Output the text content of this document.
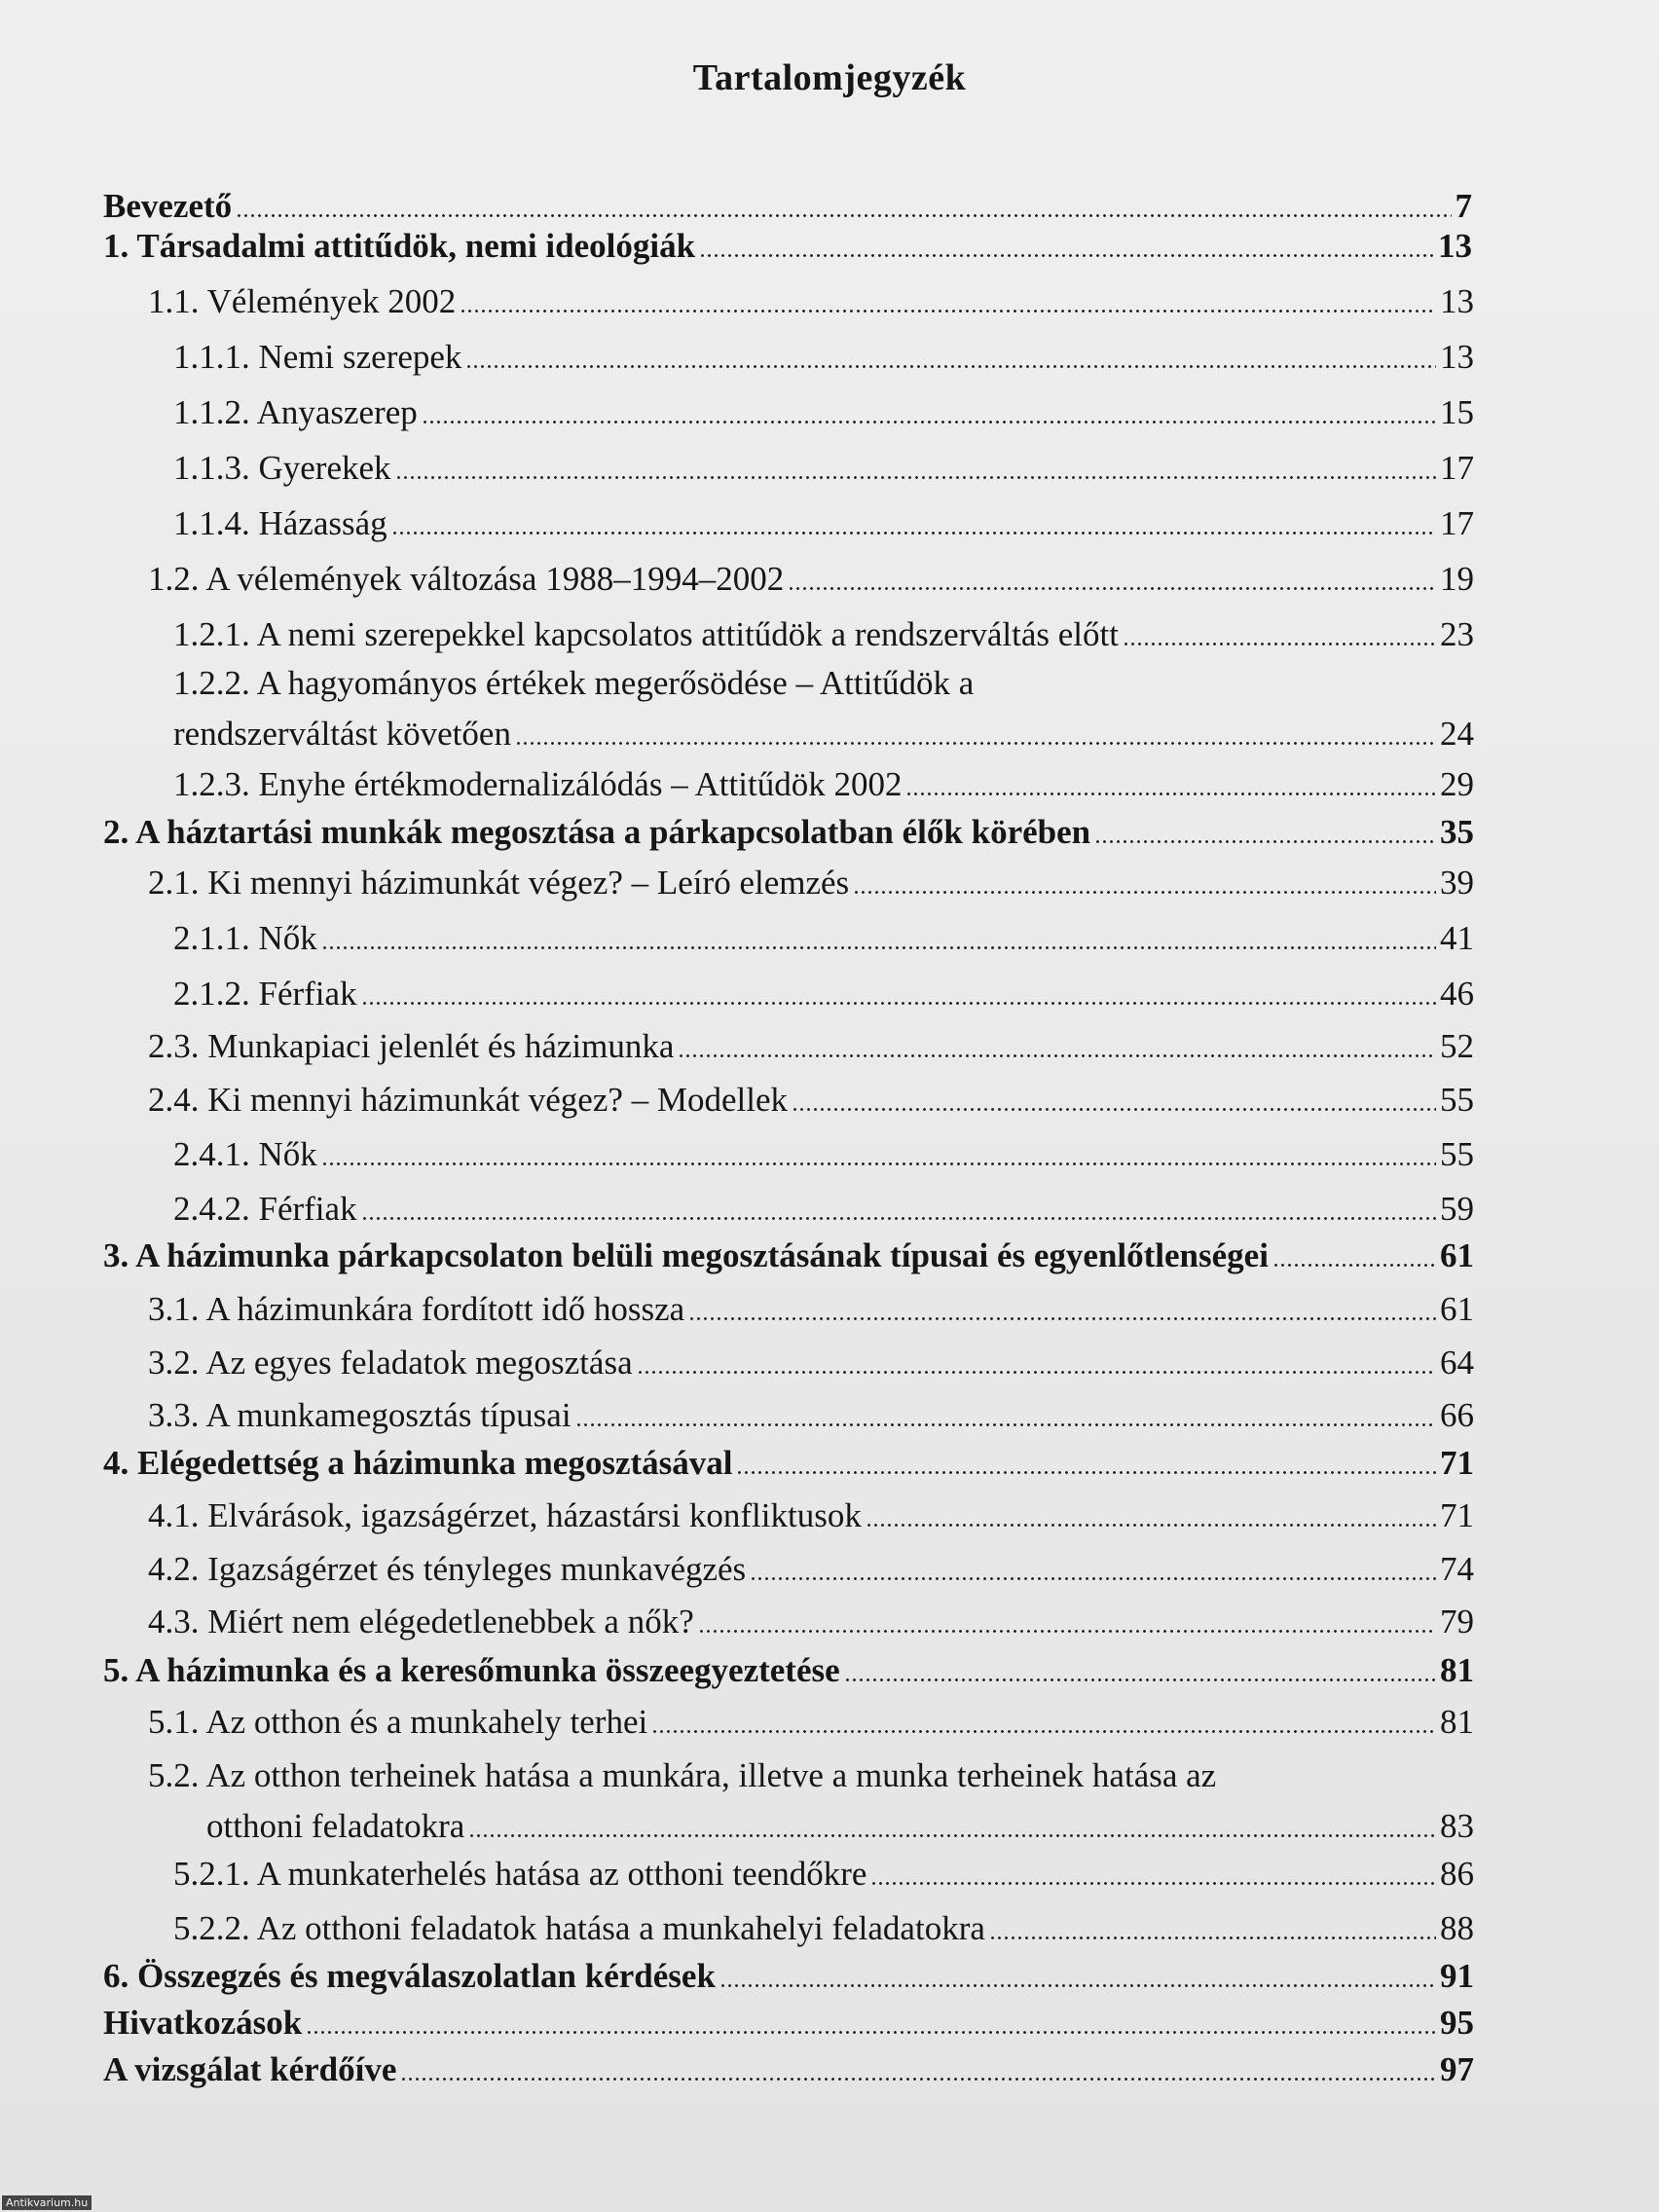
Tartalomjegyzék
Bevezető	7
1. Társadalmi attitűdök, nemi ideológiák	13
1.1. Vélemények 2002	13
1.1.1. Nemi szerepek	13
1.1.2. Anyaszerep	15
1.1.3. Gyerekek	17
1.1.4. Házasság	17
1.2. A vélemények változása 1988–1994–2002	19
1.2.1. A nemi szerepekkel kapcsolatos attitűdök a rendszerváltás előtt	23
1.2.2. A hagyományos értékek megerősödése – Attitűdök a
rendszerváltást követően	24
1.2.3. Enyhe értékmodernalizálódás – Attitűdök 2002	29
2. A háztartási munkák megosztása a párkapcsolatban élők körében	35
2.1. Ki mennyi házimunkát végez? – Leíró elemzés	39
2.1.1. Nők	41
2.1.2. Férfiak	46
2.3. Munkapiaci jelenlét és házimunka	52
2.4. Ki mennyi házimunkát végez? – Modellek	55
2.4.1. Nők	55
2.4.2. Férfiak	59
3. A házimunka párkapcsolaton belüli megosztásának típusai és egyenlőtlenségei	61
3.1. A házimunkára fordított idő hossza	61
3.2. Az egyes feladatok megosztása	64
3.3. A munkamegosztás típusai	66
4. Elégedettség a házimunka megosztásával	71
4.1. Elvárások, igazságérzet, házastársi konfliktusok	71
4.2. Igazságérzet és tényleges munkavégzés	74
4.3. Miért nem elégedetlenebbek a nők?	79
5. A házimunka és a keresőmunka összeegyeztetése	81
5.1. Az otthon és a munkahely terhei	81
5.2. Az otthon terheinek hatása a munkára, illetve a munka terheinek hatása az
otthoni feladatokra	83
5.2.1. A munkaterhelés hatása az otthoni teendőkre	86
5.2.2. Az otthoni feladatok hatása a munkahelyi feladatokra	88
6. Összegzés és megválaszolatlan kérdések	91
Hivatkozások	95
A vizsgálat kérdőíve	97
Antikvarium.hu
